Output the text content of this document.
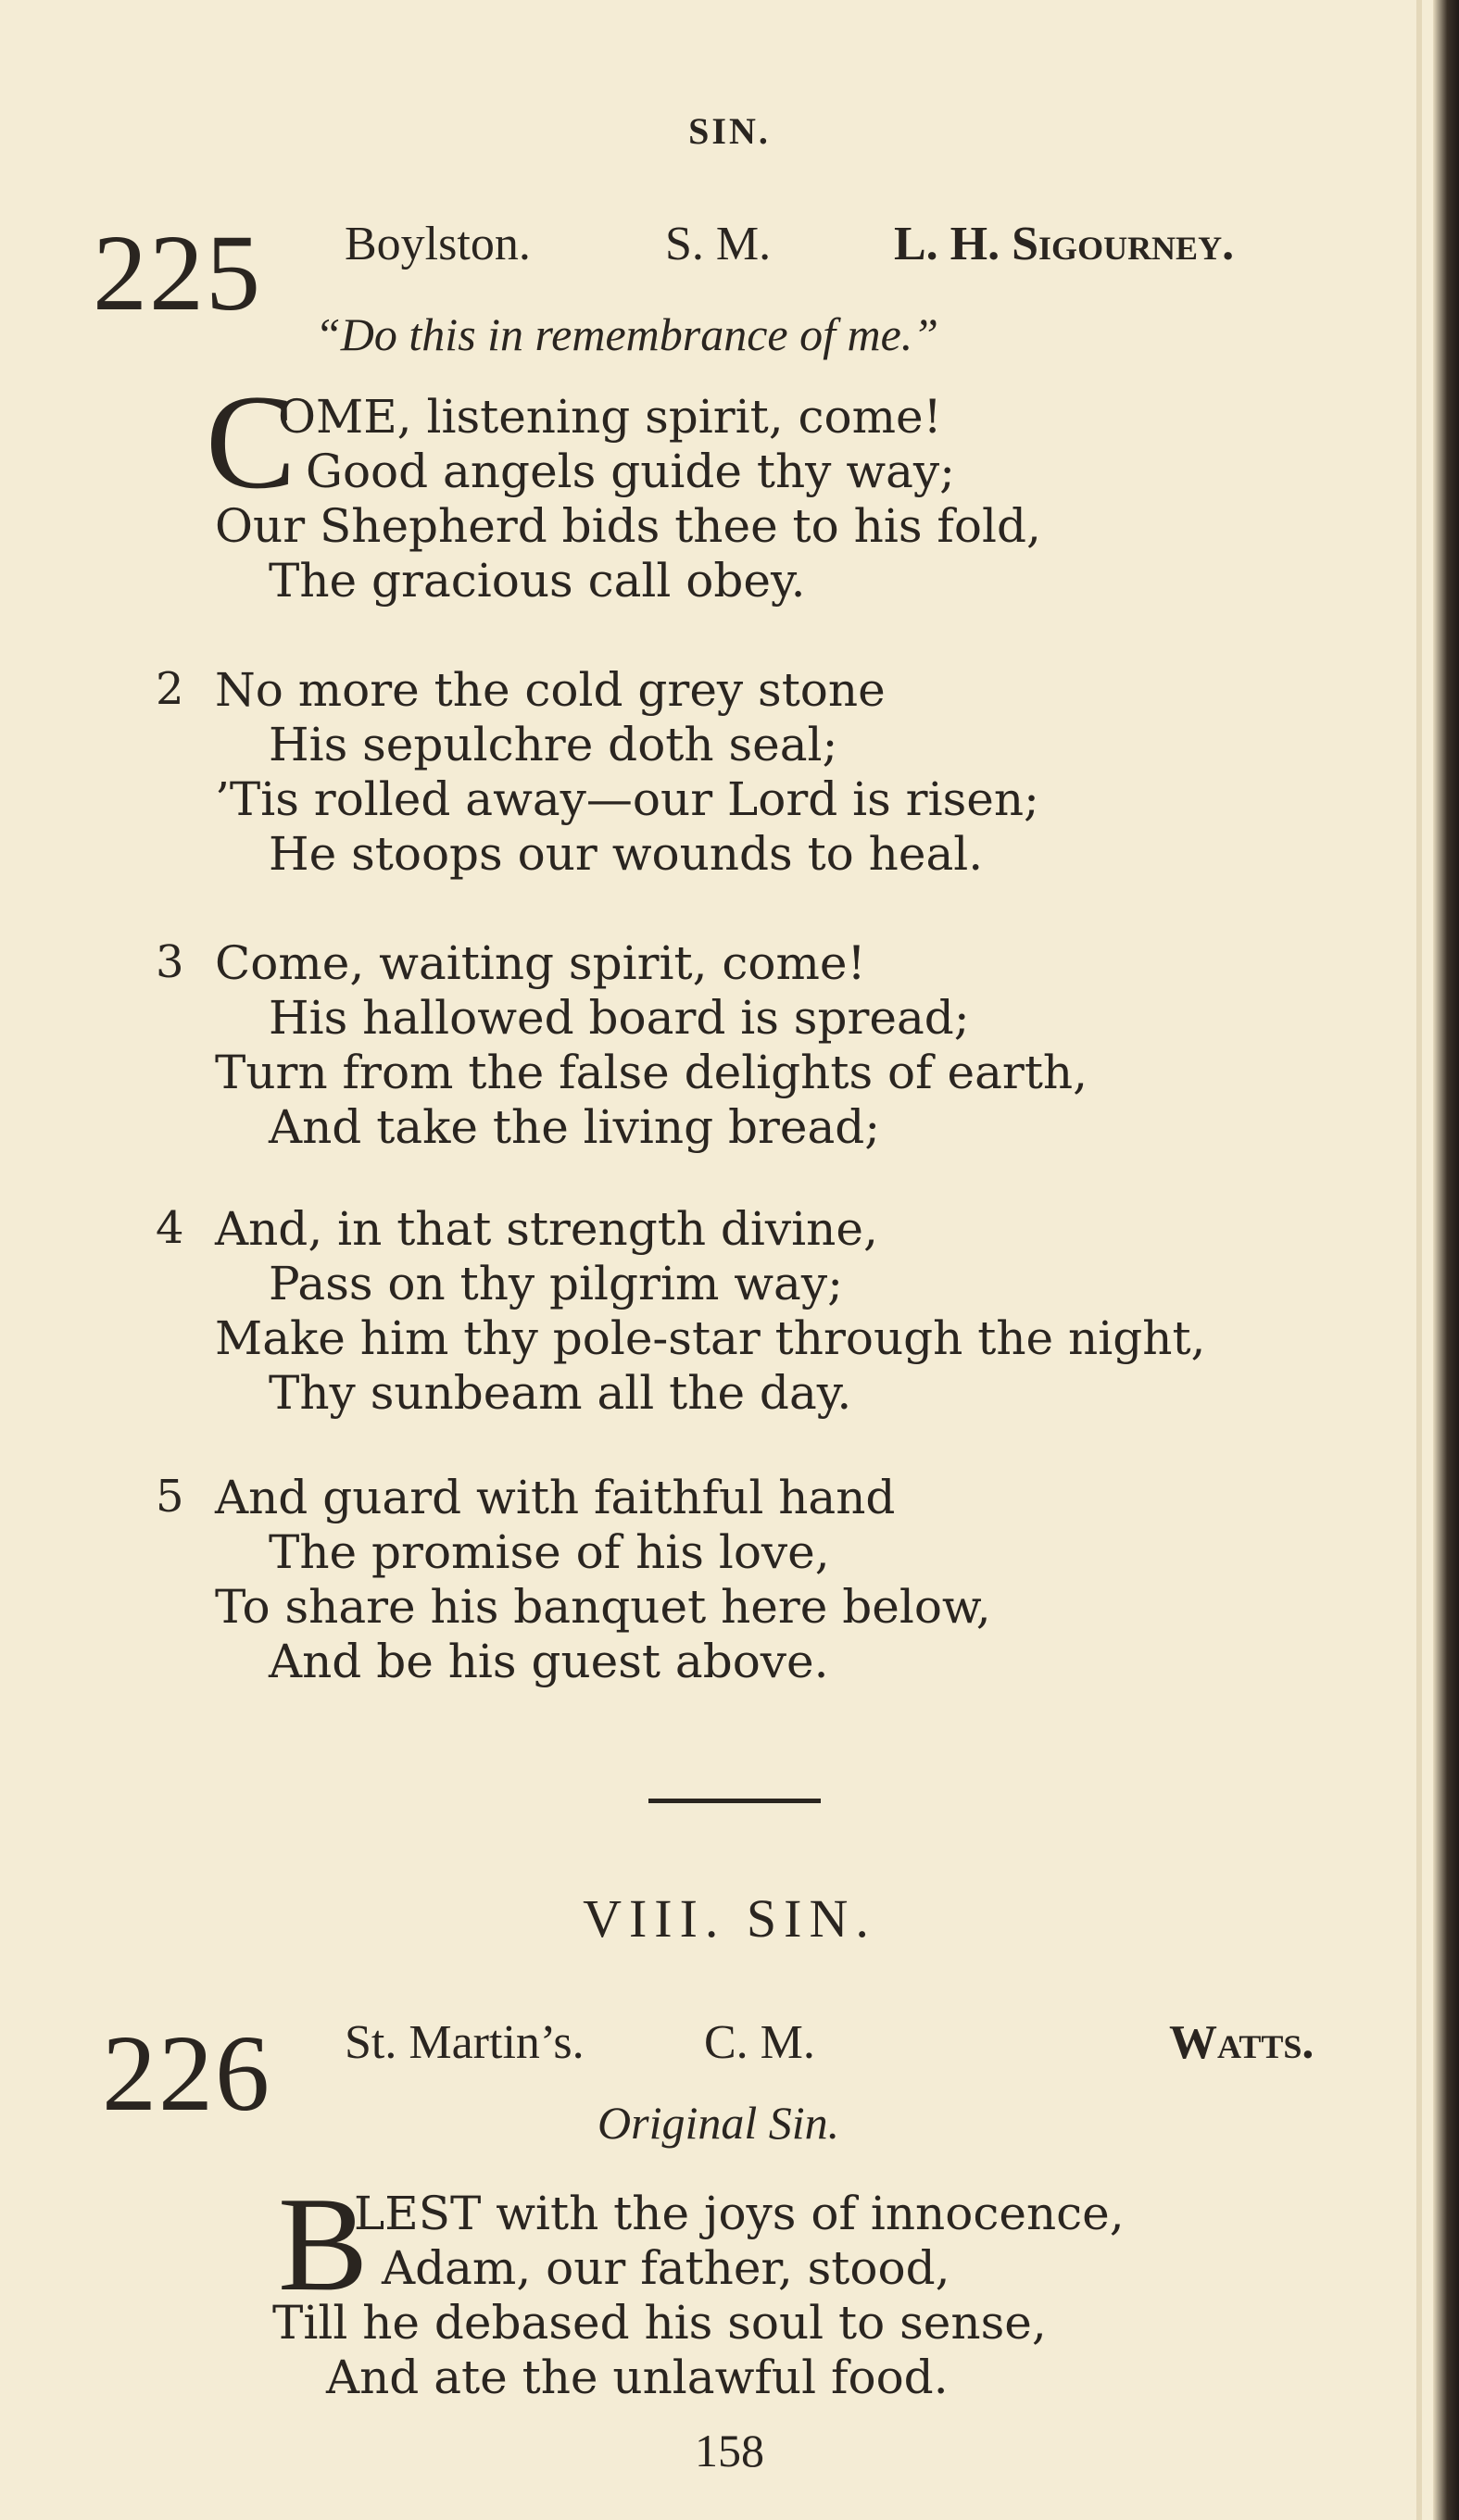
SIN.
225 Boylston.	S. M.	L. H. Sigourney.
“Do this in remembrance of me.”
C
OME, listening spirit, come!
Good angels guide thy way;
Our Shepherd bids thee to his fold,
The gracious call obey.
2 No more the cold grey stone
His sepulchre doth seal;
’Tis rolled away—our Lord is risen;
He stoops our wounds to heal.
3 Come, waiting spirit, come!
His hallowed board is spread;
Turn from the false delights of earth,
And take the living bread;
4 And, in that strength divine,
Pass on thy pilgrim way;
Make him thy pole-star through the night,
Thy sunbeam all the day.
5 And guard with faithful hand
The promise of his love,
To share his banquet here below,
And be his guest above.
VIII. SIN.
226 St. Martin’s. C. M.	Watts.
Original Sin.
B
LEST with the joys of innocence,
Adam, our father, stood,
Till he debased his soul to sense,
And ate the unlawful food.
158
